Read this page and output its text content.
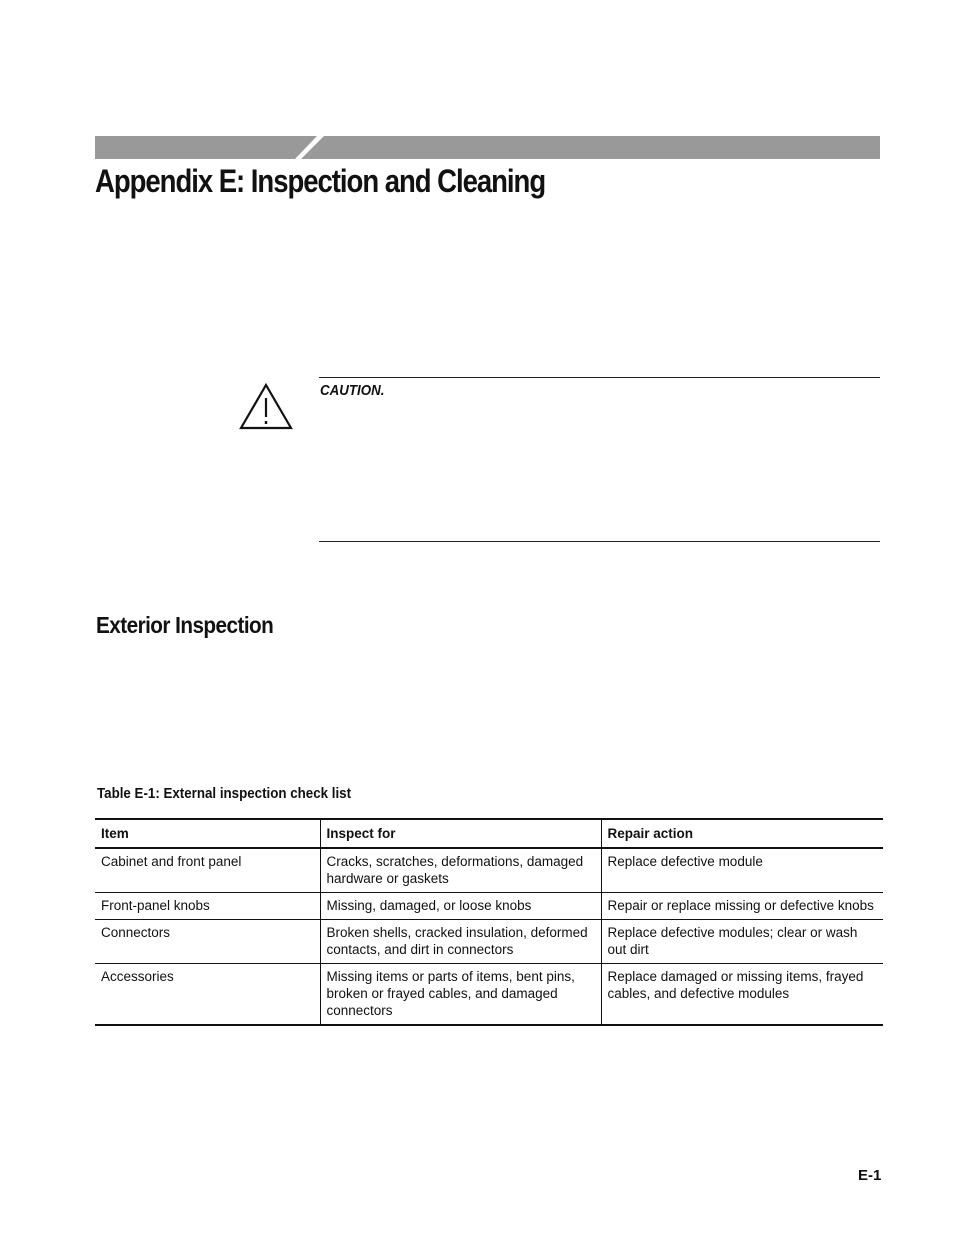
Appendix E: Inspection and Cleaning
CAUTION.
Exterior Inspection
Table E-1: External inspection check list
Item	Inspect for	Repair action
Cabinet and front panel	Cracks, scratches, deformations, damaged hardware or gaskets	Replace defective module
Front-panel knobs	Missing, damaged, or loose knobs	Repair or replace missing or defective knobs
Connectors	Broken shells, cracked insulation, deformed contacts, and dirt in connectors	Replace defective modules; clear or wash out dirt
Accessories	Missing items or parts of items, bent pins, broken or frayed cables, and damaged connectors	Replace damaged or missing items, frayed cables, and defective modules
E-1
